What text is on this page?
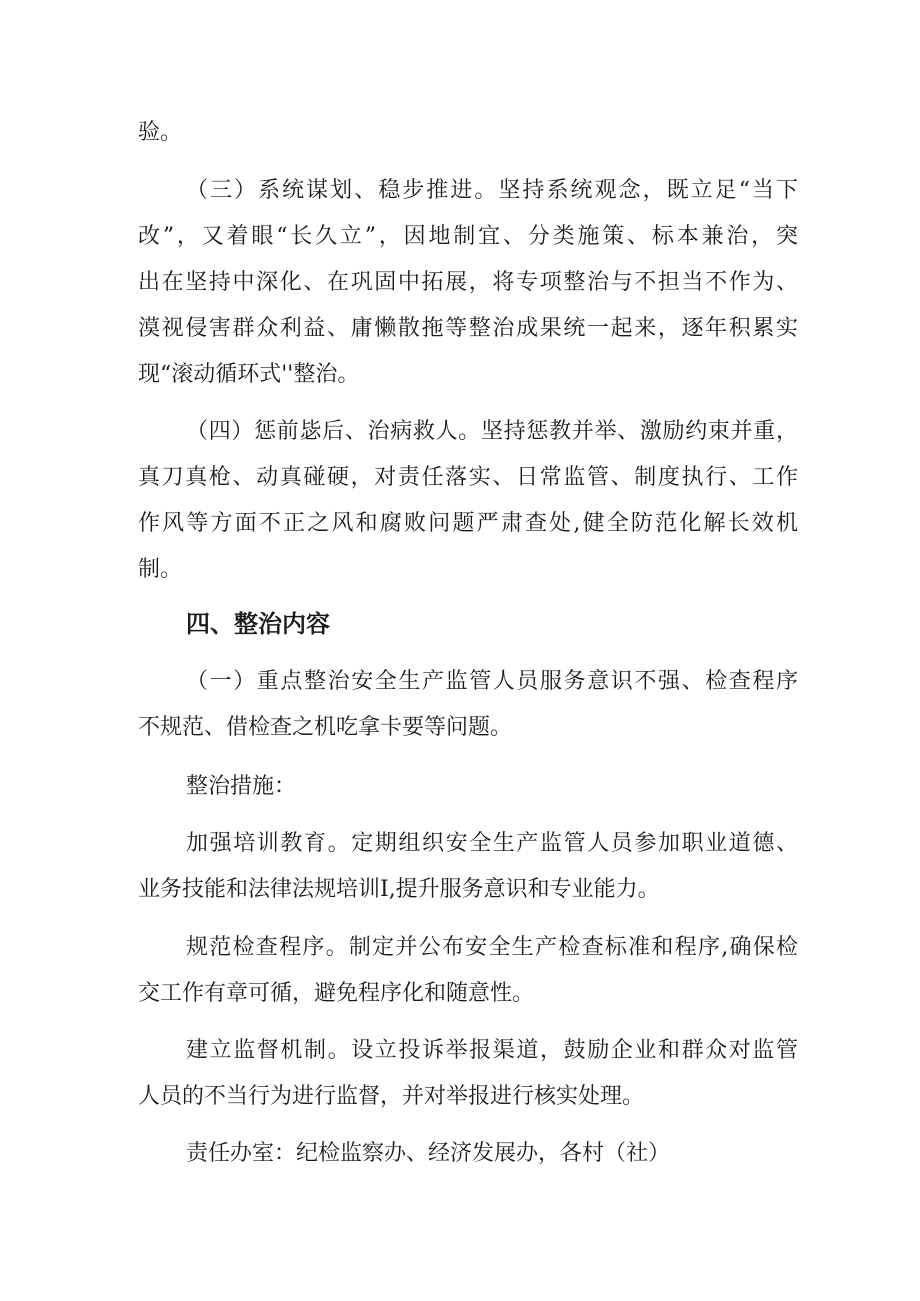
验。
（三）系统谋划、稳步推进。坚持系统观念，既立足“当下
改”，又着眼“长久立”，因地制宜、分类施策、标本兼治，突
出在坚持中深化、在巩固中拓展，将专项整治与不担当不作为、
漠视侵害群众利益、庸懒散拖等整治成果统一起来，逐年积累实
现“滚动循环式''整治。
（四）惩前毖后、治病救人。坚持惩教并举、激励约束并重，
真刀真枪、动真碰硬，对责任落实、日常监管、制度执行、工作
作风等方面不正之风和腐败问题严肃查处,健全防范化解长效机
制。
四、整治内容
（一）重点整治安全生产监管人员服务意识不强、检查程序
不规范、借检查之机吃拿卡要等问题。
整治措施：
加强培训教育。定期组织安全生产监管人员参加职业道德、
业务技能和法律法规培训Ⅰ,提升服务意识和专业能力。
规范检查程序。制定并公布安全生产检查标准和程序,确保检
交工作有章可循，避免程序化和随意性。
建立监督机制。设立投诉举报渠道，鼓励企业和群众对监管
人员的不当行为进行监督，并对举报进行核实处理。
责任办室：纪检监察办、经济发展办，各村（社）
